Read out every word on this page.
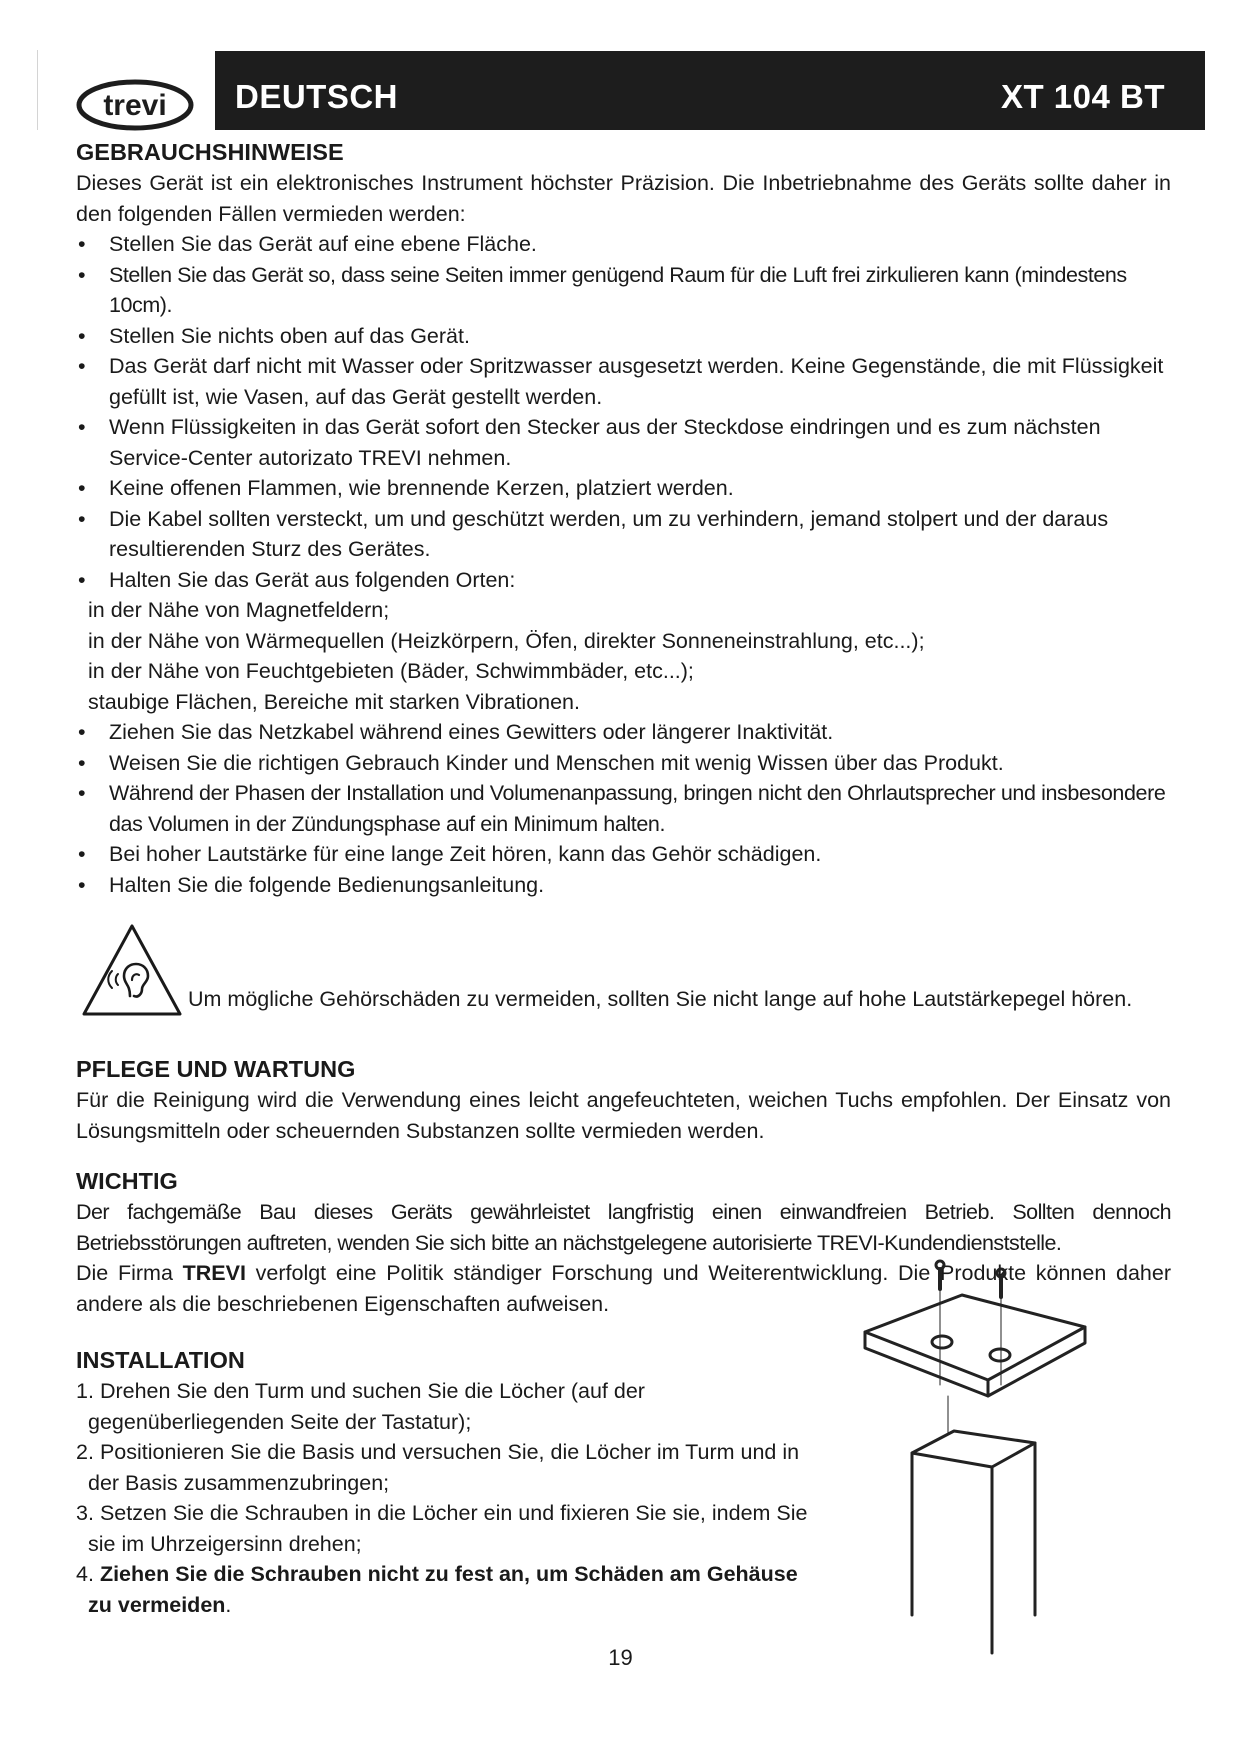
trevi DEUTSCH	XT 104 BT

GEBRAUCHSHINWEISE

Dieses Gerät ist ein elektronisches Instrument höchster Präzision. Die Inbetriebnahme des Geräts sollte daher in den folgenden Fällen vermieden werden:

• Stellen Sie das Gerät auf eine ebene Fläche.
• Stellen Sie das Gerät so, dass seine Seiten immer genügend Raum für die Luft frei zirkulieren kann (mindestens 10cm).
• Stellen Sie nichts oben auf das Gerät.
• Das Gerät darf nicht mit Wasser oder Spritzwasser ausgesetzt werden. Keine Gegenstände, die mit Flüssigkeit gefüllt ist, wie Vasen, auf das Gerät gestellt werden.
• Wenn Flüssigkeiten in das Gerät sofort den Stecker aus der Steckdose eindringen und es zum nächsten Service-Center autorizato TREVI nehmen.
• Keine offenen Flammen, wie brennende Kerzen, platziert werden.
• Die Kabel sollten versteckt, um und geschützt werden, um zu verhindern, jemand stolpert und der daraus resultierenden Sturz des Gerätes.
• Halten Sie das Gerät aus folgenden Orten:
in der Nähe von Magnetfeldern;
in der Nähe von Wärmequellen (Heizkörpern, Öfen, direkter Sonneneinstrahlung, etc...);
in der Nähe von Feuchtgebieten (Bäder, Schwimmbäder, etc...);
staubige Flächen, Bereiche mit starken Vibrationen.
• Ziehen Sie das Netzkabel während eines Gewitters oder längerer Inaktivität.
• Weisen Sie die richtigen Gebrauch Kinder und Menschen mit wenig Wissen über das Produkt.
• Während der Phasen der Installation und Volumenanpassung, bringen nicht den Ohrlautsprecher und insbesondere das Volumen in der Zündungsphase auf ein Minimum halten.
• Bei hoher Lautstärke für eine lange Zeit hören, kann das Gehör schädigen.
• Halten Sie die folgende Bedienungsanleitung.
Um mögliche Gehörschäden zu vermeiden, sollten Sie nicht lange auf hohe Lautstärkepegel hören.

PFLEGE UND WARTUNG

Für die Reinigung wird die Verwendung eines leicht angefeuchteten, weichen Tuchs empfohlen. Der Einsatz von Lösungsmitteln oder scheuernden Substanzen sollte vermieden werden.

WICHTIG

Der fachgemäße Bau dieses Geräts gewährleistet langfristig einen einwandfreien Betrieb. Sollten dennoch Betriebsstörungen auftreten, wenden Sie sich bitte an nächstgelegene autorisierte TREVI-Kundendienststelle.

Die Firma TREVI verfolgt eine Politik ständiger Forschung und Weiterentwicklung. Die Produkte können daher andere als die beschriebenen Eigenschaften aufweisen.

INSTALLATION

1. Drehen Sie den Turm und suchen Sie die Löcher (auf der gegenüberliegenden Seite der Tastatur);
2. Positionieren Sie die Basis und versuchen Sie, die Löcher im Turm und in der Basis zusammenzubringen;
3. Setzen Sie die Schrauben in die Löcher ein und fixieren Sie sie, indem Sie sie im Uhrzeigersinn drehen;
4. Ziehen Sie die Schrauben nicht zu fest an, um Schäden am Gehäuse zu vermeiden.
19
